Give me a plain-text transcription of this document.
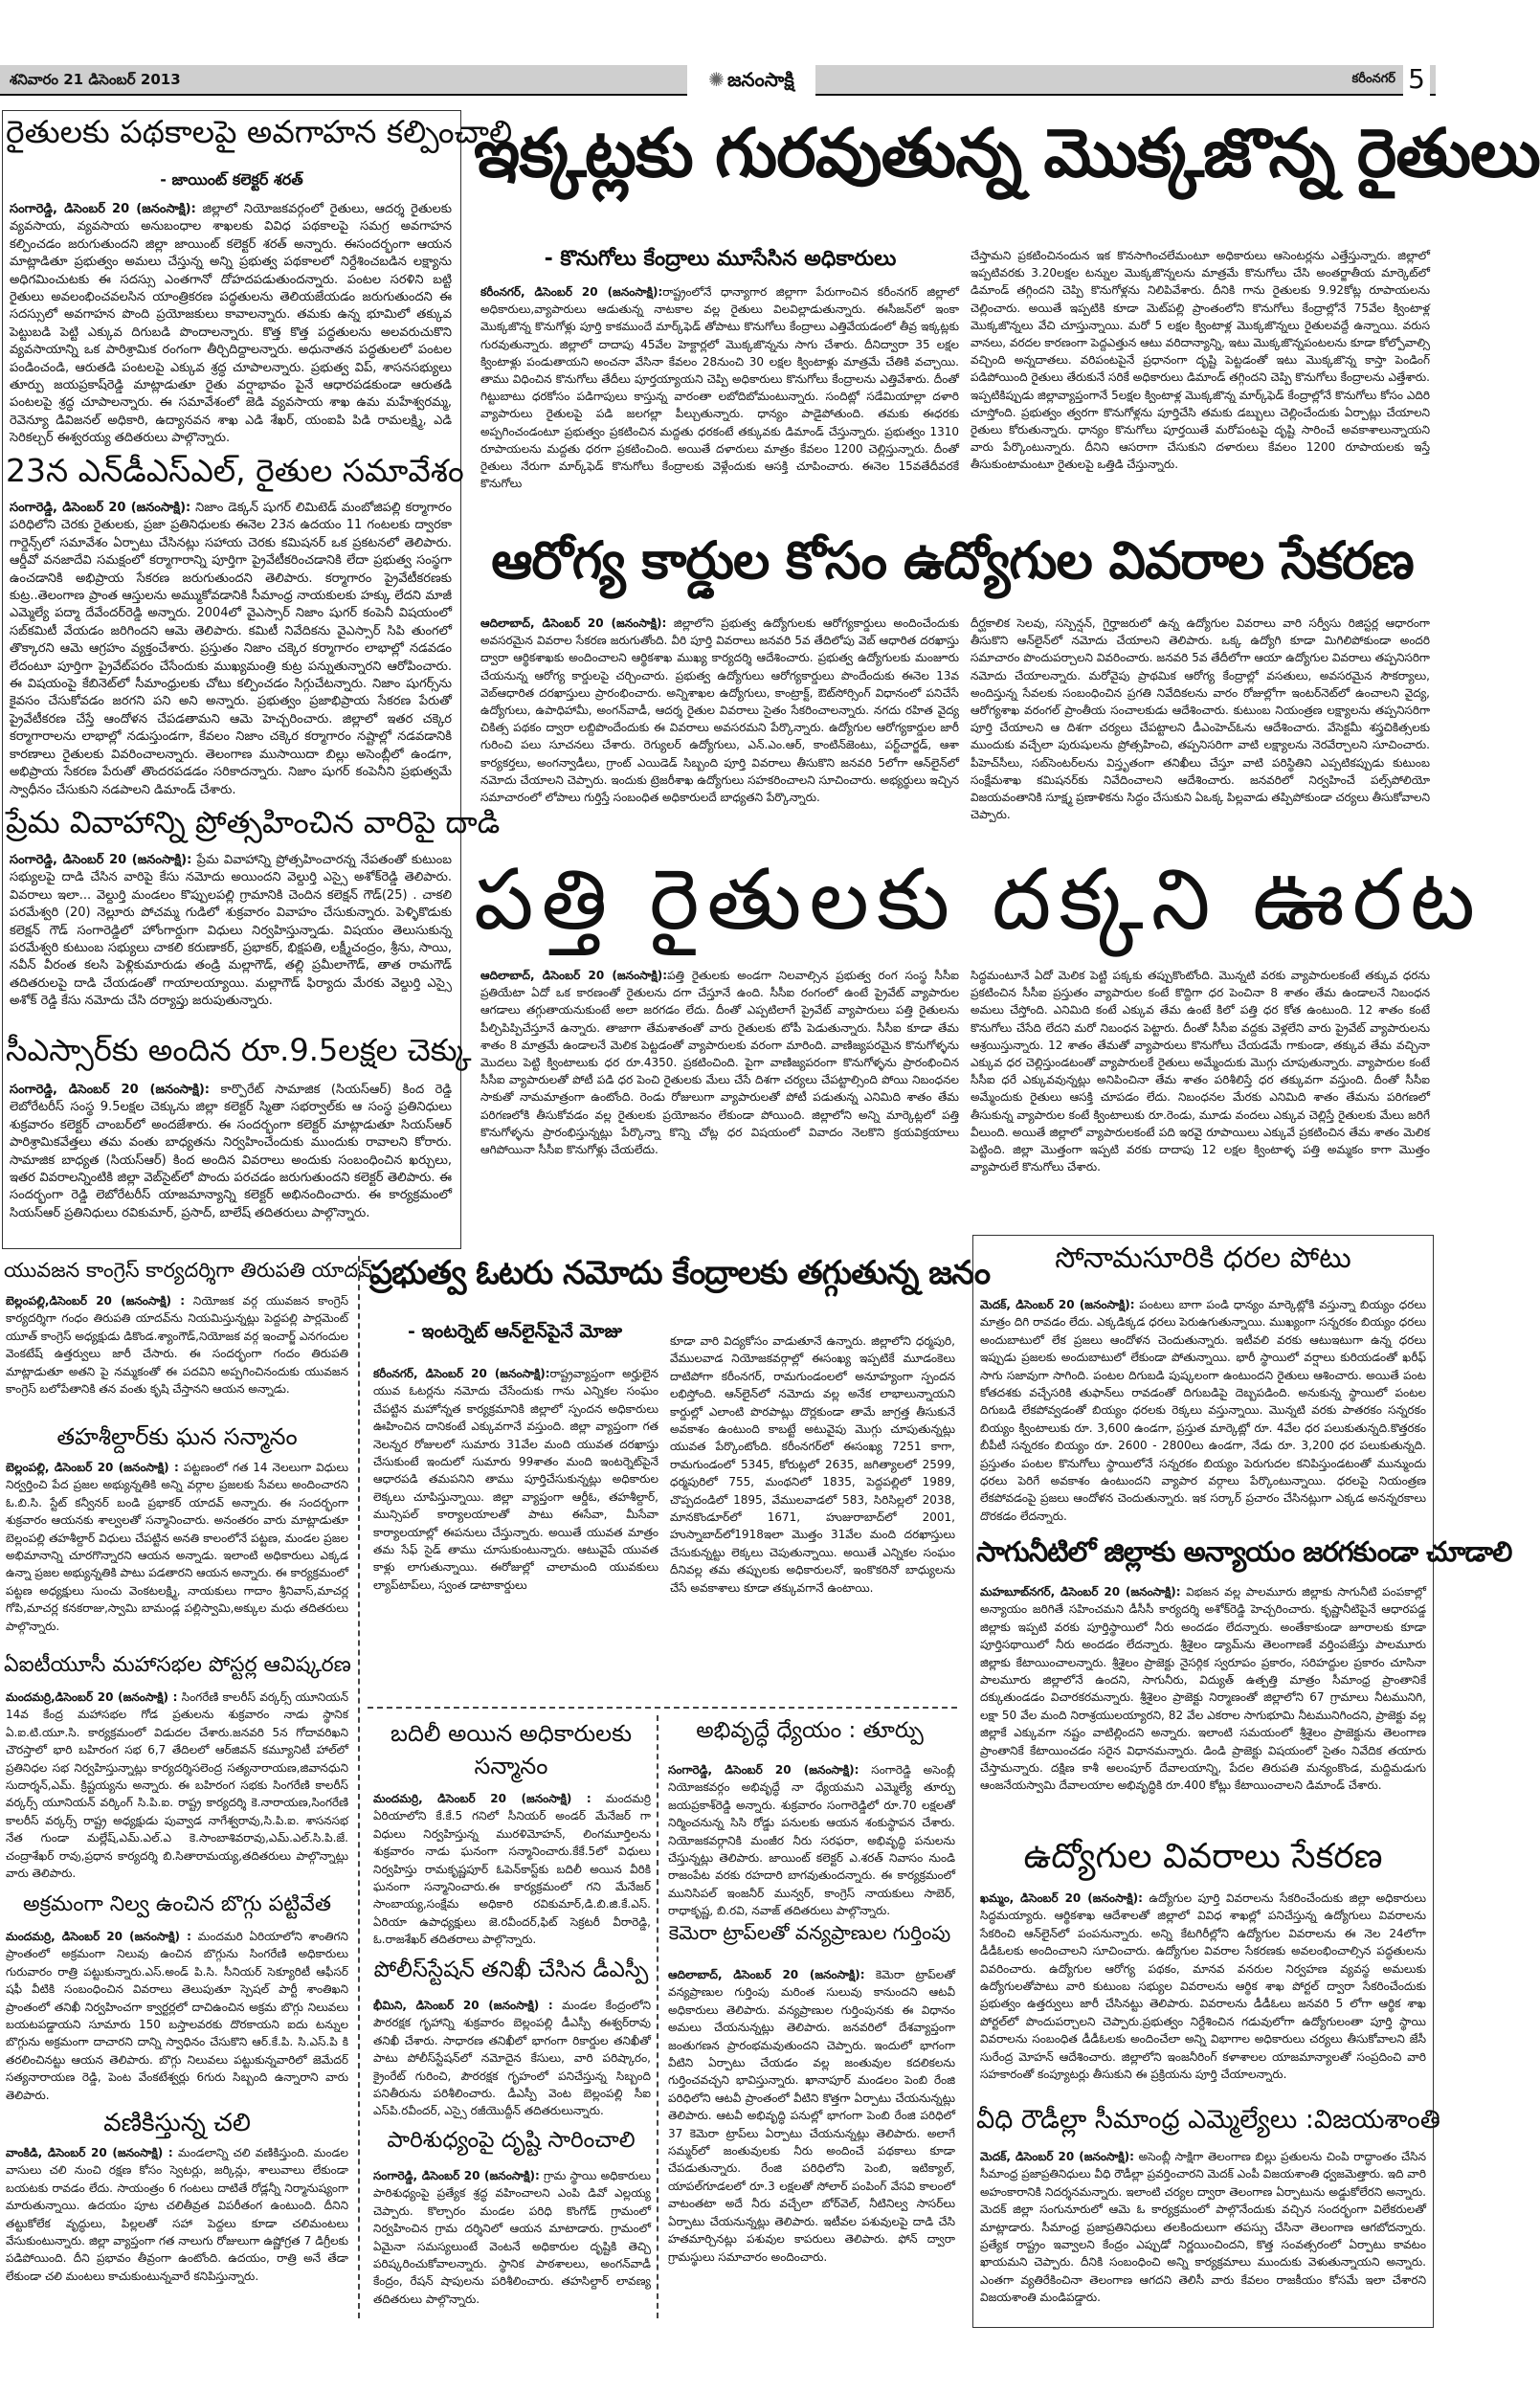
శనివారం 21 డిసెంబర్ 2013	✺ జనంసాక్షి	కరీంనగర్ 5
రైతులకు పథకాలపై అవగాహన కల్పించాలి
- జాయింట్ కలెక్టర్ శరత్
సంగారెడ్డి, డిసెంబర్ 20 (జనంసాక్షి): జిల్లాలో నియోజకవర్గంలో రైతులు, ఆదర్శ రైతులకు వ్యవసాయ, వ్యవసాయ అనుబంధాల శాఖలకు వివిధ పథకాలపై సమగ్ర అవగాహన కల్పించడం జరుగుతుందని జిల్లా జాయింట్ కలెక్టర్ శరత్ అన్నారు. ఈసందర్భంగా ఆయన మాట్లాడితూ ప్రభుత్వం అమలు చేస్తున్న అన్ని ప్రభుత్వ పథకాలలో నిర్దేశించబడిన లక్ష్యాను అధిగమించుటకు ఈ సదస్సు ఎంతగానో దోహదపడుతుందన్నారు. పంటల సరళిని బట్టి రైతులు అవలంభించవలసిన యాంత్రికరణ పద్ధతులను తెలియజేయడం జరుగుతుందని ఈ సదస్సులో అవగాహన పొంది ప్రయోజకులు కావాలన్నారు. తమకు ఉన్న భూమిలో తక్కువ పెట్టుబడి పెట్టి ఎక్కువ దిగుబడి పొందాలన్నారు. కొత్త కొత్త పద్ధతులను అలవరుచుకొని వ్యవసాయాన్ని ఒక పారిశ్రామిక రంగంగా తీర్చిదిద్దాలన్నారు. అధునాతన పద్ధతులలో పంటల పండించండి, ఆరుతడి పంటలపై ఎక్కువ శ్రద్ధ చూపాలన్నారు. ప్రభుత్వ విప్, శాసనసభ్యులు తూర్పు జయప్రకాష్‌రెడ్డి మాట్లాడుతూ రైతు వర్షాభావం పైనే ఆధారపడకుండా ఆరుతడి పంటలపై శ్రద్ధ చూపాలన్నారు. ఈ సమావేశంలో జెడి వ్యవసాయ శాఖ ఉమ మహేశ్వరమ్మ, రెవెన్యూ డివిజనల్ అధికారి, ఉద్యానవన శాఖ ఎడి శేఖర్, యంఐపి పిడి రామలక్ష్మి, ఎడి సెరికల్చర్ ఈశ్వరయ్య తదితరులు పాల్గొన్నారు.
23న ఎన్‌డీఎస్‌ఎల్, రైతుల సమావేశం
సంగారెడ్డి, డిసెంబర్ 20 (జనంసాక్షి): నిజాం డెక్కన్ షుగర్ లిమిటెడ్ మంబోజిపల్లి కర్మాగారం పరిధిలోని చెరకు రైతులకు, ప్రజా ప్రతినిధులకు ఈనెల 23న ఉదయం 11 గంటలకు ద్వారకా గార్డెన్స్‌లో సమావేశం ఏర్పాటు చేసినట్లు సహాయ చెరకు కమిషనర్ ఒక ప్రకటనలో తెలిపారు. ఆర్డీవో వనజాదేవి సమక్షంలో కర్మాగారాన్ని పూర్తిగా ప్రైవేటీకరించడానికి లేదా ప్రభుత్వ సంస్థగా ఉంచడానికి అభిప్రాయ సేకరణ జరుగుతుందని తెలిపారు. కర్మాగారం ప్రైవేటీకరణకు కుట్ర..తెలంగాణ ప్రాంత ఆస్తులను అమ్ముకోవడానికి సీమాంధ్ర నాయకులకు హక్కు లేదని మాజీ ఎమ్మెల్యే పద్మా దేవేందర్‌రెడ్డి అన్నారు. 2004లో వైఎస్సార్ నిజాం షుగర్ కంపెనీ విషయంలో సబ్‌కమిటీ వేయడం జరిగిందని ఆమె తెలిపారు. కమిటీ నివేదికను వైఎస్సార్ సిపి తుంగలో తొక్కారని ఆమె ఆగ్రహం వ్యక్తంచేశారు. ప్రస్తుతం నిజాం చక్కెర కర్మాగారం లాభాల్లో నడవడం లేదంటూ పూర్తిగా ప్రైవేట్‌పరం చేసేందుకు ముఖ్యమంత్రి కుట్ర పన్నుతున్నారని ఆరోపించారు. ఈ విషయంపై కేబినెట్‌లో సీమాంధ్రులకు చోటు కల్పించడం సిగ్గుచేటన్నారు. నిజాం షుగర్స్‌ను కైవసం చేసుకోవడం జరగని పని అని అన్నారు. ప్రభుత్వం ప్రజాభిప్రాయ సేకరణ పేరుతో ప్రైవేటీకరణ చేస్తే ఆందోళన చేపడతామని ఆమె హెచ్చరించారు. జిల్లాలో ఇతర చక్కెర కర్మాగారాలను లాభాల్లో నడుస్తుండగా, కేవలం నిజాం చక్కెర కర్మాగారం నష్టాల్లో నడవడానికి కారణాలు రైతులకు వివరించాలన్నారు. తెలంగాణ ముసాయిదా బిల్లు అసెంబ్లీలో ఉండగా, అభిప్రాయ సేకరణ పేరుతో తొందరపడడం సరికాదన్నారు. నిజాం షుగర్ కంపెనీని ప్రభుత్వమే స్వాధీనం చేసుకుని నడపాలని డిమాండ్ చేశారు.
ప్రేమ వివాహాన్ని ప్రోత్సహించిన వారిపై దాడి
సంగారెడ్డి, డిసెంబర్ 20 (జనంసాక్షి): ప్రేమ వివాహాన్ని ప్రోత్సహించారన్న నేపతంతో కుటుంబ సభ్యులపై దాడి చేసిన వారిపై కేసు నమోదు అయిందని వెల్దుర్తి ఎస్సై అశోక్‌రెడ్డి తెలిపారు. వివరాలు ఇలా... వెల్దుర్తి మండలం కొప్పులపల్లి గ్రామానికి చెందిన కలెక్షన్ గౌడ్(25) . చాకలి పరమేశ్వరి (20) నెల్లూరు పోచమ్మ గుడిలో శుక్రవారం వివాహం చేసుకున్నారు. పెళ్ళికొడుకు కలెక్షన్ గౌడ్ సంగారెడ్డిలో హోంగార్డుగా విధులు నిర్వహిస్తున్నాడు. విషయం తెలుసుకున్న పరమేశ్వరి కుటుంబ సభ్యులు చాకలి కరుణాకర్, ప్రభాకర్, భిక్షపతి, లక్ష్మీచంద్రం, శ్రీను, సాయి, నవీన్ వీరంత కలసి పెళ్లికుమారుడు తండ్రి మల్లాగౌడ్, తల్లి ప్రమీలాగౌడ్, తాత రామగౌడ్ తదితరులపై దాడి చేయడంతో గాయాలయ్యాయి. మల్లాగౌడ్ ఫిర్యాదు మేరకు వెల్దుర్తి ఎస్సై అశోక్ రెడ్డి కేసు నమోదు చేసి దర్యాప్తు జరుపుతున్నారు.
సీఎస్సార్‌కు అందిన రూ.9.5లక్షల చెక్కు
సంగారెడ్డి, డిసెంబర్ 20 (జనంసాక్షి): కార్పొరేట్ సామాజిక (సియస్ఆర్) కింద రెడ్డి లెబోరేటరీస్ సంస్థ 9.5లక్షల చెక్కును జిల్లా కలెక్టర్ స్మితా సభర్వాల్‌కు ఆ సంస్థ ప్రతినిధులు శుక్రవారం కలెక్టర్ చాంబర్‌లో అందజేశారు. ఈ సందర్భంగా కలెక్టర్ మాట్లాడుతూ సియస్ఆర్ పారిశ్రామికవేత్తలు తమ వంతు బాధ్యతను నిర్వహించేందుకు ముందుకు రావాలని కోరారు. సామాజిక బాధ్యత (సియస్ఆర్) కింద అందిన వివరాలు అందుకు సంబంధించిన ఖర్చులు, ఇతర వివరాలన్నింటికి జిల్లా వెబ్‌సైట్‌లో పొందు పరచడం జరుగుతుందని కలెక్టర్ తెలిపారు. ఈ సందర్భంగా రెడ్డి లెబోరేటరీస్ యాజమాన్యాన్ని కలెక్టర్ అభినందించారు. ఈ కార్యక్రమంలో సియస్ఆర్ ప్రతినిధులు రవికుమార్, ప్రసాద్, బాలేష్ తదితరులు పాల్గొన్నారు.
ఇక్కట్లకు గురవుతున్న మొక్కజొన్న రైతులు
- కొనుగోలు కేంద్రాలు మూసేసిన అధికారులు
కరీంనగర్, డిసెంబర్ 20 (జనంసాక్షి):రాష్ట్రంలోనే ధాన్యాగార జిల్లాగా పేరుగాంచిన కరీంనగర్ జిల్లాలో అధికారులు,వ్యాపారులు ఆడుతున్న నాటకాల వల్ల రైతులు విలవిల్లాడుతున్నారు. ఈసీజన్‌లో ఇంకా మొక్కజొన్న కొనుగోళ్లు పూర్తి కాకముందే మార్క్‌ఫెడ్ తోపాటు కొనుగోలు కేంద్రాలు ఎత్తివేయడంలో తీవ్ర ఇక్కట్లకు గురవుతున్నారు. జిల్లాలో దాదాపు 45వేల హెక్టార్లలో మొక్కజొన్నను సాగు చేశారు. దీనిద్వారా 35 లక్షల క్వింటాళ్లు పండుతాయని అంచనా వేసినా కేవలం 28నుంచి 30 లక్షల క్వింటాళ్లు మాత్రమే చేతికి వచ్చాయి. తాము విధించిన కొనుగోలు తేదీలు పూర్తయ్యాయని చెప్పి అధికారులు కొనుగోలు కేంద్రాలను ఎత్తివేశారు. దీంతో గిట్టుబాటు ధరకోసం పడిగాపులు కాస్తున్న వారంతా లబోదిబోమంటున్నారు. సందిట్లో సడేమియాల్లా దళారి వ్యాపారులు రైతులపై పడి జలగల్లా పీల్చుతున్నారు. ధాన్యం పాడైపోతుంది. తమకు ఈధరకు అప్పగించండంటూ ప్రభుత్వం ప్రకటించిన మద్దతు ధరకంటే తక్కువకు డిమాండ్ చేస్తున్నారు. ప్రభుత్వం 1310 రూపాయలను మద్దతు ధరగా ప్రకటించింది. అయితే దళారులు మాత్రం కేవలం 1200 చెల్లిస్తున్నారు. దీంతో రైతులు నేరుగా మార్క్‌ఫెడ్ కొనుగోలు కేంద్రాలకు వెళ్లేందుకు ఆసక్తి చూపించారు. ఈనెల 15వతేదీవరకే కొనుగోలు
చేస్తామని ప్రకటించినందున ఇక కొనసాగించలేమంటూ అధికారులు ఆసెంటర్లను ఎత్తేస్తున్నారు. జిల్లాలో ఇప్పటివరకు 3.20లక్షల టన్నుల మొక్కజొన్నలను మాత్రమే కొనుగోలు చేసి అంతర్జాతీయ మార్కెట్‌లో డిమాండ్ తగ్గిందని చెప్పి కొనుగోళ్లను నిలిపివేశారు. దీనికి గాను రైతులకు 9.92కోట్ల రూపాయలను చెల్లించారు. అయితే ఇప్పటికి కూడా మెట్‌పల్లి ప్రాంతంలోని కొనుగోలు కేంద్రాల్లోనే 75వేల క్వింటాళ్ల మొక్కజొన్నలు వేచి చూస్తున్నాయి. మరో 5 లక్షల క్వింటాళ్ల మొక్కజొన్నలు రైతులవద్దే ఉన్నాయి. వరుస వానలు, వరదల కారణంగా పెద్దఎత్తున ఆటు వరిదాన్యాన్ని, ఇటు మొక్కజొన్నపంటలను కూడా కోల్పోవాల్సి వచ్చింది అన్నదాతలు. వరిపంటపైనే ప్రధానంగా దృష్టి పెట్టడంతో ఇటు మొక్కజొన్న కాస్తా పెండింగ్ పడిపోయింది రైతులు తేరుకునే సరికే అధికారులు డిమాండ్ తగ్గిందని చెప్పి కొనుగోలు కేంద్రాలను ఎత్తేశారు. ఇప్పటికిప్పుడు జిల్లావ్యాప్తంగానే 5లక్షల క్వింటాళ్ల మొక్కజొన్న మార్క్‌ఫెడ్ కేంద్రాల్లోనే కొనుగోలు కోసం ఎదిరి చూస్తోంది. ప్రభుత్వం త్వరగా కొనుగోళ్లను పూర్తిచేసి తమకు డబ్బులు చెల్లించేందుకు ఏర్పాట్లు చేయాలని రైతులు కోరుతున్నారు. ధాన్యం కొనుగోలు పూర్తయితే మరోపంటపై దృష్టి సారించే అవకాశాలున్నాయని వారు పేర్కొంటున్నారు. దీనిని ఆసరాగా చేసుకుని దళారులు కేవలం 1200 రూపాయలకు ఇస్తే తీసుకుంటామంటూ రైతులపై ఒత్తిడి చేస్తున్నారు.
ఆరోగ్య కార్డుల కోసం ఉద్యోగుల వివరాల సేకరణ
ఆదిలాబాద్, డిసెంబర్ 20 (జనంసాక్షి): జిల్లాలోని ప్రభుత్వ ఉద్యోగులకు ఆరోగ్యకార్డులు అందించేందుకు అవసరమైన వివరాల సేకరణ జరుగుతోంది. వీరి పూర్తి వివరాలు జనవరి 5వ తేదిలోపు వెబ్ ఆధారిత దరఖాస్తు ద్వారా ఆర్థికశాఖకు అందించాలని ఆర్థికశాఖ ముఖ్య కార్యదర్శి ఆదేశించారు. ప్రభుత్వ ఉద్యోగులకు మంజూరు చేయనున్న ఆరోగ్య కార్డులపై చర్చించారు. ప్రభుత్వ ఉద్యోగులు ఆరోగ్యకార్డులు పొందేందుకు ఈనెల 13వ వెబ్‌ఆధారిత దరఖాస్తులు ప్రారంభించారు. అన్నిశాఖల ఉద్యోగులు, కాంట్రాక్ట్, ఔట్‌సోర్సింగ్ విధానంలో పనిచేసే ఉద్యోగులు, ఉపాధిహామీ, అంగన్‌వాడీ, ఆదర్శ రైతుల వివరాలు సైతం సేకరించాలన్నారు. నగదు రహిత వైద్య చికిత్స పథకం ద్వారా లబ్దిపొందేందుకు ఈ వివరాలు అవసరమని పేర్కొన్నారు. ఉద్యోగుల ఆరోగ్యకార్డుల జారీ గురించి పలు సూచనలు చేశారు. రెగ్యులర్ ఉద్యోగులు, ఎన్.ఎం.ఆర్, కాంటిన్‌జెంటు, పర్ట్‌చార్జడ్, ఆశా కార్యకర్తలు, అంగన్వాడీలు, గ్రాంట్ ఎయిడెడ్ సిబ్బంది పూర్తి వివరాలు తీసుకొని జనవరి 5లోగా ఆన్‌లైన్‌లో నమోదు చేయాలని చెప్పారు. ఇందుకు ట్రెజరీశాఖ ఉద్యోగులు సహకరించాలని సూచించారు. అభ్యర్థులు ఇచ్చిన సమాచారంలో లోపాలు గుర్తిస్తే సంబంధిత అధికారులదే బాధ్యతని పేర్కొన్నారు.
దీర్ఘకాలిక సెలవు, సస్పెన్షన్, గైర్హాజరులో ఉన్న ఉద్యోగుల వివరాలు వారి సర్వీసు రిజిస్టర్ల ఆధారంగా తీసుకొని ఆన్‌లైన్‌లో నమోదు చేయాలని తెలిపారు. ఒక్క ఉద్యోగి కూడా మిగిలిపోకుండా అందరి సమాచారం పొందుపర్చాలని వివరించారు. జనవరి 5వ తేదీలోగా ఆయా ఉద్యోగుల వివరాలు తప్పనిసరిగా నమోదు చేయాలన్నారు. మరోవైపు ప్రాథమిక ఆరోగ్య కేంద్రాల్లో వసతులు, అవసరమైన సౌకర్యాలు, అందిస్తున్న సేవలకు సంబంధించిన ప్రగతి నివేదికలను వారం రోజుల్లోగా ఇంటర్‌నెట్‌లో ఉంచాలని వైద్య, ఆరోగ్యశాఖ వరంగల్ ప్రాంతీయ సంచాలకుడు ఆదేశించారు. కుటుంబ నియంత్రణ లక్ష్యాలను తప్పనిసరిగా పూర్తి చేయాలని ఆ దిశగా చర్యలు చేపట్టాలని డీఎంహెచ్‌ఓను ఆదేశించారు. వేసెక్టమీ శస్త్రచికిత్సలకు ముందుకు వచ్చేలా పురుషులను ప్రోత్సహించి, తప్పనిసరిగా వాటి లక్ష్యాలను నెరవేర్చాలని సూచించారు. పీహెచ్‌సీలు, సబ్‌సెంటర్‌లను విస్తృతంగా తనిఖీలు చేస్తూ వాటి పరిస్థితిని ఎప్పటికప్పుడు కుటుంబ సంక్షేమశాఖ కమిషనర్‌కు నివేదించాలని ఆదేశించారు. జనవరిలో నిర్వహించే పల్స్‌పోలియో విజయవంతానికి సూక్ష్మ ప్రణాళికను సిద్ధం చేసుకుని ఏఒక్క పిల్లవాడు తప్పిపోకుండా చర్యలు తీసుకోవాలని చెప్పారు.
పత్తి రైతులకు దక్కని ఊరట
ఆదిలాబాద్, డిసెంబర్ 20 (జనంసాక్షి):పత్తి రైతులకు అండగా నిలవాల్సిన ప్రభుత్వ రంగ సంస్థ సీసీఐ ప్రతియేటా ఏదో ఒక కారణంతో రైతులను దగా చేస్తూనే ఉంది. సీసీఐ రంగంలో ఉంటే ప్రైవేట్ వ్యాపారుల ఆగడాలు తగ్గుతాయనుకుంటే అలా జరగడం లేదు. దీంతో ఎప్పటిలాగే ప్రైవేట్ వ్యాపారులు పత్తి రైతులను పీల్చిపిప్పిచేస్తూనే ఉన్నారు. తాజాగా తేమశాతంతో వారు రైతులకు టోపీ పెడుతున్నారు. సీసీఐ కూడా తేమ శాతం 8 మాత్రమే ఉండాలనే మెలిక పెట్టడంతో వ్యాపారులకు వరంగా మారింది. వాణిజ్యపరమైన కొనుగోళ్ళను మొదలు పెట్టి క్వింటాలుకు ధర రూ.4350. ప్రకటించింది. పైగా వాణిజ్యపరంగా కొనుగోళ్ళను ప్రారంభించిన సీసీఐ వ్యాపారులతో పోటీ పడి ధర పెంచి రైతులకు మేలు చేసే దిశగా చర్యలు చేపట్టాల్సింది పోయి నిబంధనల సాకుతో నామమాత్రంగా ఉంటోంది. రెండు రోజులుగా వ్యాపారులతో పోటీ పడుతున్న ఎనిమిది శాతం తేమ పరిగణలోకి తీసుకోవడం వల్ల రైతులకు ప్రయోజనం లేకుండా పోయింది. జిల్లాలోని అన్ని మార్కెట్లలో పత్తి కొనుగోళ్ళను ప్రారంభిస్తున్నట్లు పేర్కొన్నా కొన్ని చోట్ల ధర విషయంలో వివాదం నెలకొని క్రయవిక్రయాలు ఆగిపోయినా సీసీఐ కొనుగోళ్లు చేయలేదు.
సిద్ధమంటూనే ఏదో మెలిక పెట్టి పక్కకు తప్పుకొంటోంది. మొన్నటి వరకు వ్యాపారులకంటే తక్కువ ధరను ప్రకటించిన సీసీఐ ప్రస్తుతం వ్యాపారుల కంటే కొద్దిగా ధర పెంచినా 8 శాతం తేమ ఉండాలనే నిబంధన అమలు చేస్తోంది. ఎనిమిది కంటే ఎక్కువ తేమ ఉంటే కిలో పత్తి ధర కోత ఉంటుంది. 12 శాతం కంటే కొనుగోలు చేసేది లేదని మరో నిబంధన పెట్టారు. దీంతో సీసీఐ వద్దకు వెళ్లలేని వారు ప్రైవేట్ వ్యాపారులను ఆశ్రయిస్తున్నారు. 12 శాతం తేమతో వ్యాపారులు కొనుగోలు చేయడమే గాకుండా, తక్కువ తేమ వచ్చినా ఎక్కువ ధర చెల్లిస్తుండటంతో వ్యాపారులకే రైతులు అమ్మేందుకు మొగ్గు చూపుతున్నారు. వ్యాపారుల కంటే సీసీఐ ధరే ఎక్కువవున్నట్లు అనిపించినా తేమ శాతం పరిశీలిస్తే ధర తక్కువగా వస్తుంది. దీంతో సీసీఐ అమ్మేందుకు రైతులు ఆసక్తి చూపడం లేదు. నిబంధనల మేరకు ఎనిమిది శాతం తేమను పరిగణలో తీసుకున్న వ్యాపారుల కంటే క్వింటాలుకు రూ.రెండు, మూడు వందలు ఎక్కువ చెల్లిస్తే రైతులకు మేలు జరిగే వీలుంది. అయితే జిల్లాలో వ్యాపారులకంటే పది ఇరవై రూపాయిలు ఎక్కువే ప్రకటించిన తేమ శాతం మెలిక పెట్టింది. జిల్లా మొత్తంగా ఇప్పటి వరకు దాదాపు 12 లక్షల క్వింటాళ్ళ పత్తి అమ్మకం కాగా మొత్తం వ్యాపారులే కొనుగోలు చేశారు.
యువజన కాంగ్రెస్ కార్యదర్శిగా తిరుపతి యాదవ్
బెల్లంపల్లి,డిసెంబర్ 20 (జనంసాక్షి) : నియోజక వర్గ యువజన కాంగ్రెస్ కార్యదర్శిగా గంధం తిరుపతి యాదవ్‌ను నియమిస్తున్నట్లు పెద్దపల్లి పార్లమెంట్ యూత్ కాంగ్రెస్ అధ్యక్షుడు డికొండ.శ్యాంగౌడ్,నియోజక వర్గ ఇంచార్జ్ ఎనగందుల వెంకటేష్ ఉత్తర్వులు జారీ చేసారు. ఈ సందర్భంగా గందం తిరుపతి మాట్లాడుతూ అతని పై నమ్మకంతో ఈ పదవిని అప్పగించినందుకు యువజన కాంగ్రెస్ బలోపేతానికి తన వంతు కృషి చేస్తానని ఆయన అన్నాడు.
తహశీల్దార్‌కు ఘన సన్మానం
బెల్లంపల్లి, డిసెంబర్ 20 (జనంసాక్షి) : పట్టణంలో గత 14 నెలలుగా విధులు నిర్వర్తించి పేద ప్రజల అభ్యున్నతికి అన్ని వర్గాల ప్రజలకు సేవలు అందించారని ఓ.బి.సి. స్టేట్ కన్వీనర్ బండి ప్రభాకర్ యాదవ్ అన్నారు. ఈ సందర్భంగా శుక్రవారం ఆయనకు శాల్వలతో సన్మానించారు. అనంతరం వారు మాట్లాడుతూ బెల్లంపల్లి తహశీల్దార్ విధులు చేపట్టిన అనతి కాలంలోనే పట్టణ, మండల ప్రజల అభిమానాన్ని చూరగొన్నారని ఆయన అన్నాడు. ఇలాంటి అధికారులు ఎక్కడ ఉన్నా ప్రజల అభ్యున్నతికి పాటు పడతారని ఆయన అన్నారు. ఈ కార్యక్రమంలో పట్టణ అధ్యక్షులు సుంచు వెంకటలక్ష్మి, నాయకులు గాదాం శ్రీనివాస్,మాచర్ల గోపి,మాచర్ల కనకరాజు,స్వామి బామండ్ల పల్లిస్వామి,అక్కుల మధు తదితరులు పాల్గొన్నారు.
ఏఐటీయూసీ మహాసభల పోస్టర్ల ఆవిష్కరణ
మందమర్రి,డిసెంబర్ 20 (జనంసాక్షి) : సింగరేణి కాలరీస్ వర్కర్స్ యూనియన్ 14వ కేంద్ర మహాసభల గోడ ప్రతులను శుక్రవారం నాడు స్థానిక ఏ.ఐ.టి.యూ.సి. కార్యక్రమంలో విడుదల చేశారు.జనవరి 5న గోదావరిఖని చౌరస్తాలో భారి బహిరంగ సభ 6,7 తేదిలలో ఆర్‌జివన్ కమ్యూనిటీ హాల్‌లో ప్రతినిధల సభ నిర్వహిస్తున్నాట్లు కార్యదర్శిసలెంద్ర సత్యనారాయణ,జివానధుని సుదార్శన్,ఎమ్. క్రిష్టయ్యను అన్నారు. ఈ బహిరంగ సభకు సింగరేణి కాలరీస్ వర్కర్స్ యూనియన్ వర్కింగ్ సి.పి.ఐ. రాష్ట్ర కార్యదర్శి కె.నారాయణ,సింగరేణి కాలరీస్ వర్కర్స్ రాష్ట్ర అధ్యక్షుడు పువ్వాడ నాగేశ్వరావు,సి.పి.ఐ. శాసనసభ నేత గుండా మల్లేష్,ఎమ్.ఎల్.ఎ కె.సాంబాశివరావు,ఎమ్.ఎల్.సి.పి.జే. చంద్రాశేఖర్ రావు,ప్రధాన కార్యదర్శి బి.సితారామయ్య,తదితరులు పాల్గొన్నాట్లు వారు తెలిపారు.
అక్రమంగా నిల్వ ఉంచిన బొగ్గు పట్టివేత
మందమర్రి, డిసెంబర్ 20 (జనంసాక్షి) : మందమరి ఏరియాలోని శాంతిగని ప్రాంతంలో అక్రమంగా నిలువు ఉంచిన బొగ్గును సింగరేణి అధికారులు గురువారం రాత్రి పట్టుకున్నారు.ఎస్.అండ్ పి.సి. సీనియర్ సెక్యూరిటీ ఆఫీసర్ షఫీ వీటికి సంబంధించిన వివరాలు తెలుపుతూ స్పెషల్ పార్టీ శాంతిఖని ప్రాంతంలో తనిఖీ నిర్వహించగా క్వార్టర్లలో దాచిఉంచిన అక్రమ బొగ్గు నిలువలు బయటపడ్డాయని సూమారు 150 బస్తాలవరకు దొరకాయని ఐదు టన్నుల బొగ్గును అక్రమంగా దాచారని దాన్ని స్వాధినం చేసుకొని ఆర్.కే.పి. సి.ఎస్.పి కి తరలించినట్టు ఆయన తెలిపారు. బొగ్గు నిలువలు పట్టుకున్నవారిలో జెమేదర్ సత్యనారాయణ రెడ్డి, పెంట వేంకటేశ్వర్లు 6గురు సిబ్బంది ఉన్నారాని వారు తెలిపారు.
వణికిస్తున్న చలి
వాంకిడి, డిసెంబర్ 20 (జనంసాక్షి) : మండలాన్ని చలి వణికిస్తుంది. మండల వాసులు చలి నుంచి రక్షణ కోసం స్వెటర్లు, జర్కిన్లు, శాలువాలు లేకుండా బయటకు రావడం లేదు. సాయంత్రం 6 గంటలు దాటితే రోడ్లన్నీ నిర్మానుష్యంగా మారుతున్నాయి. ఉదయం పూట చలితీవ్రత విపరీతంగ ఉంటుంది. దీనిని తట్టుకోలేక వృద్ధులు, పిల్లలతో సహా పెద్దలు కూడా చలిమంటలు వేసుకుంటున్నారు. జిల్లా వ్యాప్తంగా గత నాలుగు రోజులుగా ఉష్ణోగ్రత 7 డిగ్రీలకు పడిపోయింది. దీని ప్రభావం తీవ్రంగా ఉంటోంది. ఉదయం, రాత్రి అనే తేడా లేకుండా చలి మంటలు కాచుకుంటున్నవారే కనిపిస్తున్నారు.
ప్రభుత్వ ఓటరు నమోదు కేంద్రాలకు తగ్గుతున్న జనం
- ఇంటర్నెట్ ఆన్‌లైన్‌పైనే మోజు
కరీంనగర్, డిసెంబర్ 20 (జనంసాక్షి):రాష్ట్రవ్యాప్తంగా అర్హులైన యువ ఓటర్లను నమోదు చేసేందుకు గాను ఎన్నికల సంఘం చేపట్టిన మహోన్నత కార్యక్రమానికి జిల్లాలో స్పందన అధికారులు ఊహించిన దానికంటే ఎక్కువగానే వస్తుంది. జిల్లా వ్యాప్తంగా గత నెలన్నర రోజులలో సుమారు 31వేల మంది యువత దరఖాస్తు చేసుకుంటే ఇందులో సుమారు 99శాతం మంది ఇంటర్నెట్‌పైనే ఆధారపడి తమపనిని తాము పూర్తిచేసుకున్నట్లు అధికారుల లెక్కలు చూపిస్తున్నాయి. జిల్లా వ్యాప్తంగా ఆర్డీఓ, తహశీల్దార్, మున్సిపల్ కార్యాలయాలతో పాటు ఈసేవా, మీసేవా కార్యాలయాల్లో ఈపనులు చేస్తున్నారు. అయితే యువత మాత్రం తమ సేఫ్ సైడ్ తాము చూసుకుంటున్నారు. ఆటువైపే యువత కాళ్లు లాగుతున్నాయి. ఈరోజుల్లో చాలామంది యువకులు ల్యాప్‌టాప్‌లు, స్వంత డాటాకార్డులు
కూడా వారి విద్యకోసం వాడుతూనే ఉన్నారు. జిల్లాలోని ధర్మపురి, వేములవాడ నియోజకవర్గాల్లో ఈసంఖ్య ఇప్పటికే మూడంకెలు దాటిపోగా కరీంనగర్, రామగుండంలలో అనూహ్యంగా స్పందన లభిస్తోంది. ఆన్‌లైన్‌లో నమోదు వల్ల అనేక లాభాలున్నాయని కార్డుల్లో ఎలాంటి పొరపాట్లు దొర్లకుండా తామే జాగ్రత్త తీసుకునే అవకాశం ఉంటుంది కాబట్టే అటువైపు మొగ్గు చూపుతున్నట్లు యువత పేర్కొంటోంది. కరీంనగర్‌లో ఈసంఖ్య 7251 కాగా, రామగుండంలో 5345, కోరుట్లలో 2635, జగిత్యాలలో 2599, ధర్మపురిలో 755, మంథనిలో 1835, పెద్దపల్లిలో 1989, చొప్పదండిలో 1895, వేములవాడలో 583, సిరిసిల్లలో 2038, మానకొండూర్‌లో 1671, హుజురాబాద్‌లో 2001, హుస్నాబాద్‌లో1918ఇలా మొత్తం 31వేల మంది దరఖాస్తులు చేసుకున్నట్టు లెక్కలు చెపుతున్నాయి. అయితే ఎన్నికల సంఘం దీనివల్ల తమ తప్పులకు అధికారులనో, ఇంకొకరినో బాధ్యులను చేసే అవకాశాలు కూడా తక్కువగానే ఉంటాయి.
బదిలీ అయిన అధికారులకు సన్మానం
మందమర్రి, డిసెంబర్ 20 (జనంసాక్షి) : మందమర్రి ఏరియాలోని కే.కే.5 గనిలో సీనియర్ అండర్ మేనేజర్ గా విధులు నిర్వహిస్తున్న మురళిమోహన్, లింగమూర్తిలను శుక్రవారం నాడు ఘనంగా సన్మానించారు.కేకే.5లో విధులు నిర్వహిస్తు రామకృష్ణపూర్ ఓపెన్‌కాస్ట్‌కు బదిలీ అయిన వీరికి ఘనంగా సన్మానించారు.ఈ కార్యక్రమంలో గని మేనేజర్ సాంబాయ్య,సంక్షేమ అధికారి రవికుమార్,డి.బి.జి.కే.ఎస్. ఏరియా ఉపాధ్యక్షులు జె.రవీందర్,ఫిట్ సెక్రటరీ వీరారెడ్డి, ఓ.రాజశేఖర్ తదితరాలు పాల్గొన్నారు.
పోలీస్‌స్టేషన్ తనిఖీ చేసిన డీఎస్పీ
భీమిని, డిసెంబర్ 20 (జనంసాక్షి) : మండల కేంద్రంలోని పౌరరక్షక గృహాన్ని శుక్రవారం బెల్లంపల్లి డీఎస్పీ ఈశ్వర్‌రావు తనిఖీ చేశారు. సాధారణ తనిఖీలో భాగంగా రికార్డుల తనిఖీతో పాటు పోలీస్‌స్టేషన్‌లో నమోదైన కేసులు, వారి పరిష్కారం, క్రైంరేట్ గురించి, పౌరరక్షక గృహంలో పనిచేస్తున్న సిబ్బంది పనితీరును పరిశీలించారు. డీఎస్పీ వెంట బెల్లంపల్లి సీఐ ఎస్‌పి.రవీందర్, ఎస్సై రజీయొద్దీన్ తదితరులున్నారు.
పారిశుధ్యంపై దృష్టి సారించాలి
సంగారెడ్డి, డిసెంబర్ 20 (జనంసాక్షి): గ్రామ స్థాయి అధికారులు పారిశుధ్యంపై ప్రత్యేక శ్రద్ధ వహించాలని ఎంపి డివో ఎల్లయ్య చెప్పారు. కొల్చారం మండల పరిధి కొంగోడ్ గ్రామంలో నిర్వహించిన గ్రామ దర్శినిలో ఆయన మాటాడారు. గ్రామంలో ఏమైనా సమస్యలుంటే వెంటనే అధికారుల దృష్టికి తెచ్చి పరిష్కరించుకోవాలన్నారు. స్థానిక పాఠశాలలు, అంగన్‌వాడీ కేంద్రం, రేషన్ షాపులను పరిశీలించారు. తహసిల్దార్ లావణ్య తదితరులు పాల్గొన్నారు.
అభివృద్ధే ధ్యేయం : తూర్పు
సంగారెడ్డి, డిసెంబర్ 20 (జనంసాక్షి): సంగారెడ్డి అసెంబ్లీ నియోజకవర్గం అభివృద్ధే నా ధ్యేయమని ఎమ్మెల్యే తూర్పు జయప్రకాశ్‌రెడ్డి అన్నారు. శుక్రవారం సంగారెడ్డిలో రూ.70 లక్షలతో నిర్మించనున్న సిసి రోడ్డు పనులకు ఆయన శంకుస్థాపన చేశారు. నియోజకవర్గానికి మంజీర నీరు సరఫరా, అభివృద్ధి పనులను చేస్తున్నట్లు తెలిపారు. జాయింట్ కలెక్టర్ ఎ.శరత్ నివాసం నుండి రాజంపేట వరకు రహదారి బాగవుతుందన్నారు. ఈ కార్యక్రమంలో మునిసిపల్ ఇంజనీర్ మున్వర్, కాంగ్రెస్ నాయకులు సాబెర్, రాధాకృష్ణ, బి.రవి, నవాజ్ తదితరులు పాల్గొన్నారు.
కెమెరా ట్రాప్‌లతో వన్యప్రాణుల గుర్తింపు
ఆదిలాబాద్, డిసెంబర్ 20 (జనంసాక్షి): కెమెరా ట్రాప్‌లతో వన్యప్రాణుల గుర్తింపు మరింత సులువు కానుందని ఆటవీ అధికారులు తెలిపారు. వన్యప్రాణుల గుర్తింపునకు ఈ విధానం అమలు చేయనున్నట్లు తెలిపారు. జనవరిలో దేశవ్యాప్తంగా జంతుగణన ప్రారంభమవుతుందని చెప్పారు. ఇందులో భాగంగా వీటిని ఏర్పాటు చేయడం వల్ల జంతువుల కదలికలను గుర్తించవచ్చని భావిస్తున్నారు. ఖానాపూర్ మండలం పెంబి రేంజి పరిధిలోని ఆటవీ ప్రాంతంలో వీటిని కొత్తగా ఏర్పాటు చేయనున్నట్లు తెలిపారు. ఆటవీ అభివృద్ధి పనుల్లో భాగంగా పెంబి రేంజి పరిధిలో 37 కెమెరా ట్రాప్‌లు ఏర్పాటు చేయనున్నట్లు తెలిపారు. అలాగే సమ్మర్‌లో జంతువులకు నీరు అందించే పథకాలు కూడా చేపడుతున్నారు. రేంజి పరిధిలోని పెంబి, ఇటిక్యాల్, యాపల్‌గూడలలో రూ.3 లక్షలతో సోలార్ పంపింగ్ వేసవి కాలంలో వాటంతటా అదే నీరు వచ్చేలా బోర్‌వెల్, నీటినిల్వ సాసర్‌లు ఏర్పాటు చేయనున్నట్లు తెలిపారు. ఇటీవల పశువులపై దాడి చేసి హతమార్చినట్లు పశువుల కాపరులు తెలిపారు. ఫోన్ ద్వారా గ్రామస్థులు సమాచారం అందించారు.
సోనామసూరికి ధరల పోటు
మెదక్, డిసెంబర్ 20 (జనంసాక్షి): పంటలు బాగా పండి ధాన్యం మార్కెట్లోకి వస్తున్నా బియ్యం ధరలు మాత్రం దిగి రావడం లేదు. ఎక్కడిక్కడ ధరలు పెరుఉగుతున్నాయి. ముఖ్యంగా సన్నరకం బియ్యం ధరలు అందుబాటులో లేక ప్రజలు ఆందోళన చెందుతున్నారు. ఇటీవలి వరకు ఆటుఇటుగా ఉన్న ధరలు ఇప్పుడు ప్రజలకు అందుబాటులో లేకుండా పోతున్నాయి. భారీ స్థాయిలో వర్షాలు కురియడంతో ఖరీఫ్ సాగు సజావుగా సాగింది. పంటల దిగుబడి పుష్కలంగా ఉంటుందని రైతులు ఆశించారు. అయితే పంట కోతదశకు వచ్చేసరికి తుఫాన్‌లు రావడంతో దిగుబడిపై దెబ్బపడింది. అనుకున్న స్థాయిలో పంటల దిగుబడి లేకపోవ్వడంతో బియ్యం ధరలకు రెక్కలు వస్తున్నాయి. మొన్నటి వరకు పాతరకం సన్నరకం బియ్యం క్వింటాలుకు రూ. 3,600 ఉండగా, ప్రస్తుత మార్కెట్లో రూ. 4వేల ధర పలుకుతున్నది.కొత్తరకం బీపీటీ సన్నరకం బియ్యం రూ. 2600 - 2800లు ఉండగా, నేడు రూ. 3,200 ధర పలుకుతున్నది. ప్రస్తుతం పంటల కొనుగోలు స్థాయిలోనే సన్నరకం బియ్యం పెరుగుదల కనిపిస్తుండటంతో మున్ముందు ధరలు పెరిగే అవకాశం ఉంటుందని వ్యాపార వర్గాలు పేర్కొంటున్నాయి. ధరలపై నియంత్రణ లేకపోవడంపై ప్రజలు ఆందోళన చెందుతున్నారు. ఇక సర్కార్ ప్రచారం చేసినట్లుగా ఎక్కడ అనన్నరకాలు దొరకడం లేదన్నారు.
సాగునీటిలో జిల్లాకు అన్యాయం జరగకుండా చూడాలి
మహబూబ్‌నగర్, డిసెంబర్ 20 (జనంసాక్షి): విభజన వల్ల పాలమూరు జిల్లాకు సాగునీటి పంపకాల్లో అన్యాయం జరిగితే సహించమని డీసీసీ కార్యదర్శి అశోక్‌రెడ్డి హెచ్చరించారు. కృష్ణానీటిపైనే ఆధారపడ్డ జిల్లాకు ఇప్పటి వరకు పూర్తిస్థాయిలో నీరు అందడం లేదన్నారు. అంతేకాకుండా జూరాలకు కూడా పూర్తిసథాయిలో నీరు అందడం లేదన్నారు. శ్రీశైలం డ్యామ్‌ను తెలంగాణకే వర్తింపజేస్తు పాలమూరు జిల్లాకు కేటాయించాలన్నారు. శ్రీశైలం ప్రాజెక్టు నైసర్గిక స్వరూపం ప్రకారం, సరిహద్దుల ప్రకారం చూసినా పాలమూరు జిల్లాలోనే ఉందని, సాగునీరు, విద్యుత్ ఉత్పత్తి మాత్రం సీమాంధ్ర ప్రాంతానికే దక్కుతుండడం విచారకరమన్నారు. శ్రీశైలం ప్రాజెక్టు నిర్మాణంతో జిల్లాలోని 67 గ్రామాలు నీటమునిగి, లక్షా 50 వేల మంది నిరాశ్రయులయ్యారని, 82 వేల ఎకరాల సాగుభూమి నీటమునిగిందని, ప్రాజెక్టు వల్ల జిల్లాకే ఎక్కువగా నష్టం వాటిల్లిందని అన్నారు. ఇలాంటి సమయంలో శ్రీశైలం ప్రాజెక్టును తెలంగాణ ప్రాంతానికే కేటాయించడం సరైన విధానమన్నారు. డిండి ప్రాజెక్టు విషయంలో సైతం నివేదిక తయారు చేస్తామన్నారు. దక్షిణ కాశీ అలంపూర్ దేవాలయాన్ని, పేదల తిరుపతి మన్యంకొండ, మద్దిమడుగు ఆంజనేయస్వామి దేవాలయాల అభివృద్ధికి రూ.400 కోట్లు కేటాయించాలని డిమాండ్ చేశారు.
ఉద్యోగుల వివరాలు సేకరణ
ఖమ్మం, డిసెంబర్ 20 (జనంసాక్షి): ఉద్యోగుల పూర్తి వివరాలను సేకరించేందుకు జిల్లా అధికారులు సిద్ధమయ్యారు. ఆర్థికశాఖ ఆదేశాలతో జిల్లాలో వివిధ శాఖల్లో పనిచేస్తున్న ఉద్యోగులు వివరాలను సేకరించి ఆన్‌లైన్‌లో పంపనున్నారు. అన్ని కేటగిరీల్లోని ఉద్యోగుల వివరాలను ఈ నెల 24లోగా డీడీఓలకు అందించాలని సూచించారు. ఉద్యోగుల వివరాల సేకరణకు అవలంభించాల్సిన పద్ధతులను వివరించారు. ఉద్యోగుల ఆరోగ్య పథకం, మానవ వనరుల నిర్వహణ వ్యవస్థ అమలుకు ఉద్యోగులతోపాటు వారి కుటుంబ సభ్యుల వివరాలను ఆర్థిక శాఖ పోర్టల్ ద్వారా సేకరించేందుకు ప్రభుత్వం ఉత్తర్వులు జారీ చేసినట్టు తెలిపారు. వివరాలను డీడీఓలు జనవరి 5 లోగా ఆర్థిక శాఖ పోర్టల్‌లో పొందుపర్చాలని చెప్పారు.ప్రభుత్వం నిర్దేశించిన గడువులోగా ఉద్యోగులంతా పూర్తి స్థాయి వివరాలను సంబంధిత డీడీఓలకు అందించేలా అన్ని విభాగాల అధికారులు చర్యలు తీసుకోవాలని జేసీ సురేంద్ర మోహన్ ఆదేశించారు. జిల్లాలోని ఇంజనీరింగ్ కళాశాలల యాజమాన్యాలతో సంప్రదించి వారి సహకారంతో కంప్యూటర్లు తీసుకుని ఈ ప్రక్రియను పూర్తి చేయాలన్నారు.
వీధి రౌడీల్లా సీమాంధ్ర ఎమ్మెల్యేలు :విజయశాంతి
మెదక్, డిసెంబర్ 20 (జనంసాక్షి): అసెంబ్లీ సాక్షిగా తెలంగాణ బిల్లు ప్రతులను చింపి రాద్ధాంతం చేసిన సీమాంధ్ర ప్రజాప్రతినిధులు వీధి రౌడీల్లా ప్రవర్తించారని మెదక్ ఎంపీ విజయశాంతి ధ్వజమెత్తారు. ఇది వారి అహంకారానికి నిదర్శనమన్నారు. ఇలాంటి చర్యల ద్వారా తెలంగాణ ఏర్పాటును అడ్డుకోలేరని అన్నారు. మెదక్ జిల్లా సంగునూరులో ఆమె ఓ కార్యక్రమంలో పాల్గొనేందుకు వచ్చిన సందర్భంగా విలేకరులతో మాట్లాడారు. సీమాంధ్ర ప్రజాప్రతినిధులు తలకిందులుగా తపస్సు చేసినా తెలంగాణ ఆగబోదన్నారు. ప్రత్యేక రాష్ట్రం ఇవ్వాలని కేంద్రం ఎప్పుడో నిర్ణయించిందని, కొత్త సంవత్సరంలో ఏర్పాటు కావటం ఖాయమని చెప్పారు. దీనికి సంబంధించి అన్ని కార్యక్రమాలు ముందుకు వెళుతున్నాయని అన్నారు. ఎంతగా వ్యతిరేకించినా తెలంగాణ ఆగదని తెలిసీ వారు కేవలం రాజకీయం కోసమే ఇలా చేశారని విజయశాంతి మండిపడ్డారు.
